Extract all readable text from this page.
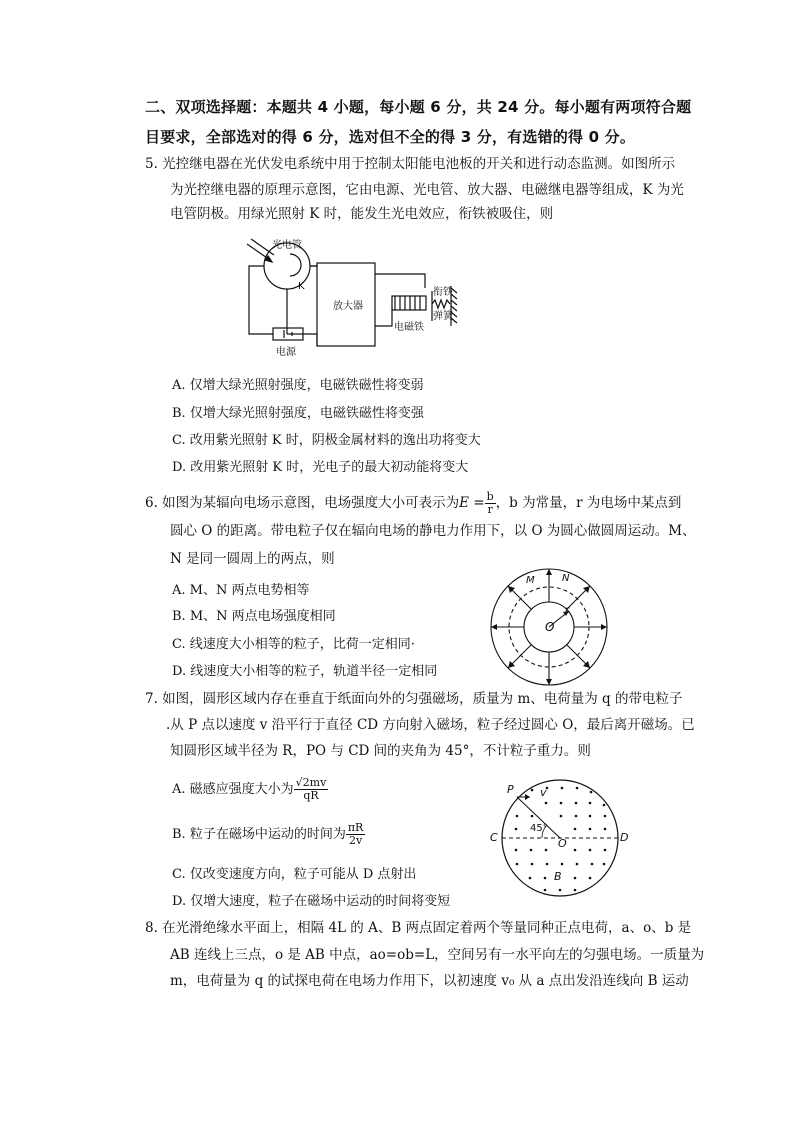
二、双项选择题：本题共 4 小题，每小题 6 分，共 24 分。每小题有两项符合题
目要求，全部选对的得 6 分，选对但不全的得 3 分，有选错的得 0 分。
5. 光控继电器在光伏发电系统中用于控制太阳能电池板的开关和进行动态监测。如图所示
为光控继电器的原理示意图，它由电源、光电管、放大器、电磁继电器等组成，K 为光
电管阴极。用绿光照射 K 时，能发生光电效应，衔铁被吸住，则
光电管
K
放大器
衔铁
弹簧
电磁铁
电源
A. 仅增大绿光照射强度，电磁铁磁性将变弱
B. 仅增大绿光照射强度，电磁铁磁性将变强
C. 改用紫光照射 K 时，阴极金属材料的逸出功将变大
D. 改用紫光照射 K 时，光电子的最大初动能将变大
6. 如图为某辐向电场示意图，电场强度大小可表示为$E = \frac{b}{r}$ ，b 为常量，r 为电场中某点到
圆心 O 的距离。带电粒子仅在辐向电场的静电力作用下，以 O 为圆心做圆周运动。M、
N 是同一圆周上的两点，则
A. M、N 两点电势相等
B. M、N 两点电场强度相同
C. 线速度大小相等的粒子，比荷一定相同·
D. 线速度大小相等的粒子，轨道半径一定相同
M	N
r
O
7. 如图，圆形区域内存在垂直于纸面向外的匀强磁场，质量为 m、电荷量为 q 的带电粒子
.从 P 点以速度 v 沿平行于直径 CD 方向射入磁场，粒子经过圆心 O，最后离开磁场。已
知圆形区域半径为 R，PO 与 CD 间的夹角为 45°，不计粒子重力。则
A. 磁感应强度大小为 $\frac{√2mv}{qR}$
B. 粒子在磁场中运动的时间为 $\frac{\pi R}{2v}$
C. 仅改变速度方向，粒子可能从 D 点射出
D. 仅增大速度，粒子在磁场中运动的时间将变短
P v
C	D
45°
O
B
8. 在光滑绝缘水平面上，相隔 4L 的 A、B 两点固定着两个等量同种正点电荷，a、o、b 是
AB 连线上三点，o 是 AB 中点，ao=ob=L，空间另有一水平向左的匀强电场。一质量为
m，电荷量为 q 的试探电荷在电场力作用下，以初速度 v₀ 从 a 点出发沿连线向 B 运动
